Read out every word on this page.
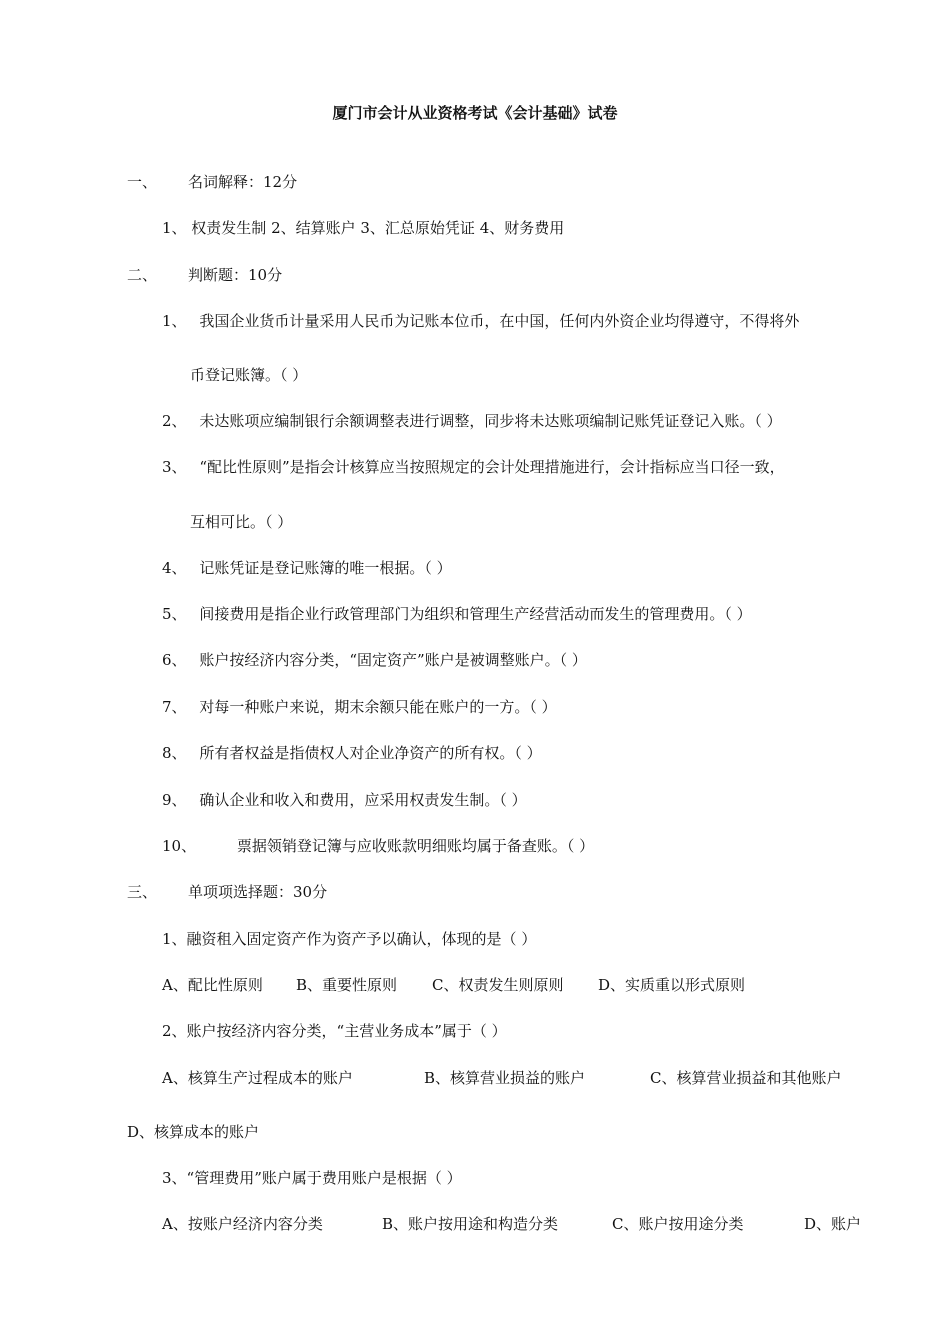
厦门市会计从业资格考试《会计基础》试卷
一、 名词解释：12分
1、 权责发生制 2、结算账户 3、汇总原始凭证 4、财务费用
二、 判断题：10分
1、 我国企业货币计量采用人民币为记账本位币，在中国，任何内外资企业均得遵守，不得将外
币登记账簿。（ ）
2、 未达账项应编制银行余额调整表进行调整，同步将未达账项编制记账凭证登记入账。（ ）
3、 “配比性原则”是指会计核算应当按照规定的会计处理措施进行，会计指标应当口径一致，
互相可比。（ ）
4、 记账凭证是登记账簿的唯一根据。（ ）
5、 间接费用是指企业行政管理部门为组织和管理生产经营活动而发生的管理费用。（ ）
6、 账户按经济内容分类，“固定资产”账户是被调整账户。（ ）
7、 对每一种账户来说，期末余额只能在账户的一方。（ ）
8、 所有者权益是指债权人对企业净资产的所有权。（ ）
9、 确认企业和收入和费用，应采用权责发生制。（ ）
10、	票据领销登记簿与应收账款明细账均属于备查账。（ ）
三、 单项项选择题：30分
1、融资租入固定资产作为资产予以确认，体现的是（ ）
A、配比性原则 B、重要性原则 C、权责发生则原则 D、实质重以形式原则
2、账户按经济内容分类，“主营业务成本”属于（ ）
A、核算生产过程成本的账户	B、核算营业损益的账户	C、核算营业损益和其他账户
D、核算成本的账户
3、“管理费用”账户属于费用账户是根据（ ）
A、按账户经济内容分类	B、账户按用途和构造分类	C、账户按用途分类	D、账户
